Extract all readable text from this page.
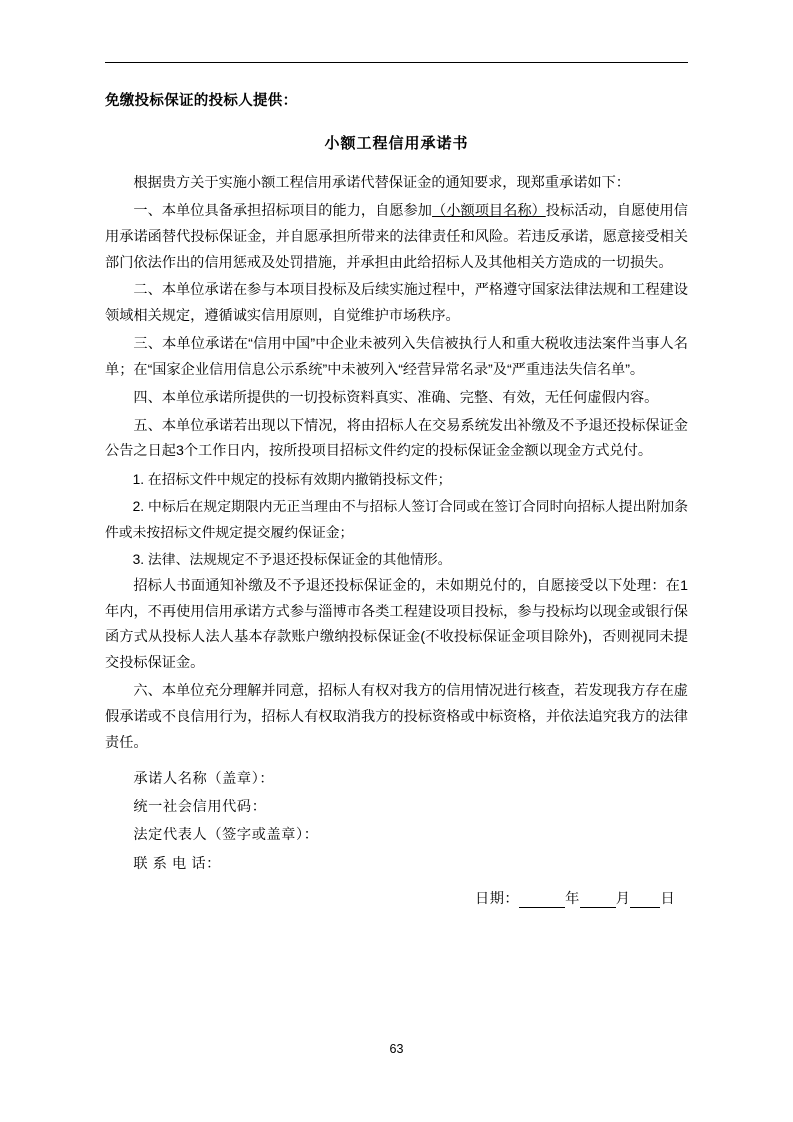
免缴投标保证的投标人提供：
小额工程信用承诺书

根据贵方关于实施小额工程信用承诺代替保证金的通知要求，现郑重承诺如下：

一、本单位具备承担招标项目的能力，自愿参加（小额项目名称）投标活动，自愿使用信用承诺函替代投标保证金，并自愿承担所带来的法律责任和风险。若违反承诺，愿意接受相关部门依法作出的信用惩戒及处罚措施，并承担由此给招标人及其他相关方造成的一切损失。

二、本单位承诺在参与本项目投标及后续实施过程中，严格遵守国家法律法规和工程建设领域相关规定，遵循诚实信用原则，自觉维护市场秩序。

三、本单位承诺在“信用中国”中企业未被列入失信被执行人和重大税收违法案件当事人名单；在“国家企业信用信息公示系统”中未被列入“经营异常名录”及“严重违法失信名单”。

四、本单位承诺所提供的一切投标资料真实、准确、完整、有效，无任何虚假内容。

五、本单位承诺若出现以下情况，将由招标人在交易系统发出补缴及不予退还投标保证金公告之日起3个工作日内，按所投项目招标文件约定的投标保证金金额以现金方式兑付。

1. 在招标文件中规定的投标有效期内撤销投标文件；

2. 中标后在规定期限内无正当理由不与招标人签订合同或在签订合同时向招标人提出附加条件或未按招标文件规定提交履约保证金；

3. 法律、法规规定不予退还投标保证金的其他情形。

招标人书面通知补缴及不予退还投标保证金的，未如期兑付的，自愿接受以下处理：在1年内，不再使用信用承诺方式参与淄博市各类工程建设项目投标，参与投标均以现金或银行保函方式从投标人法人基本存款账户缴纳投标保证金(不收投标保证金项目除外)，否则视同未提交投标保证金。

六、本单位充分理解并同意，招标人有权对我方的信用情况进行核查，若发现我方存在虚假承诺或不良信用行为，招标人有权取消我方的投标资格或中标资格，并依法追究我方的法律责任。

承诺人名称（盖章）：

统一社会信用代码：

法定代表人（签字或盖章）：

联 系 电 话：

日期：	年	月 日

63
